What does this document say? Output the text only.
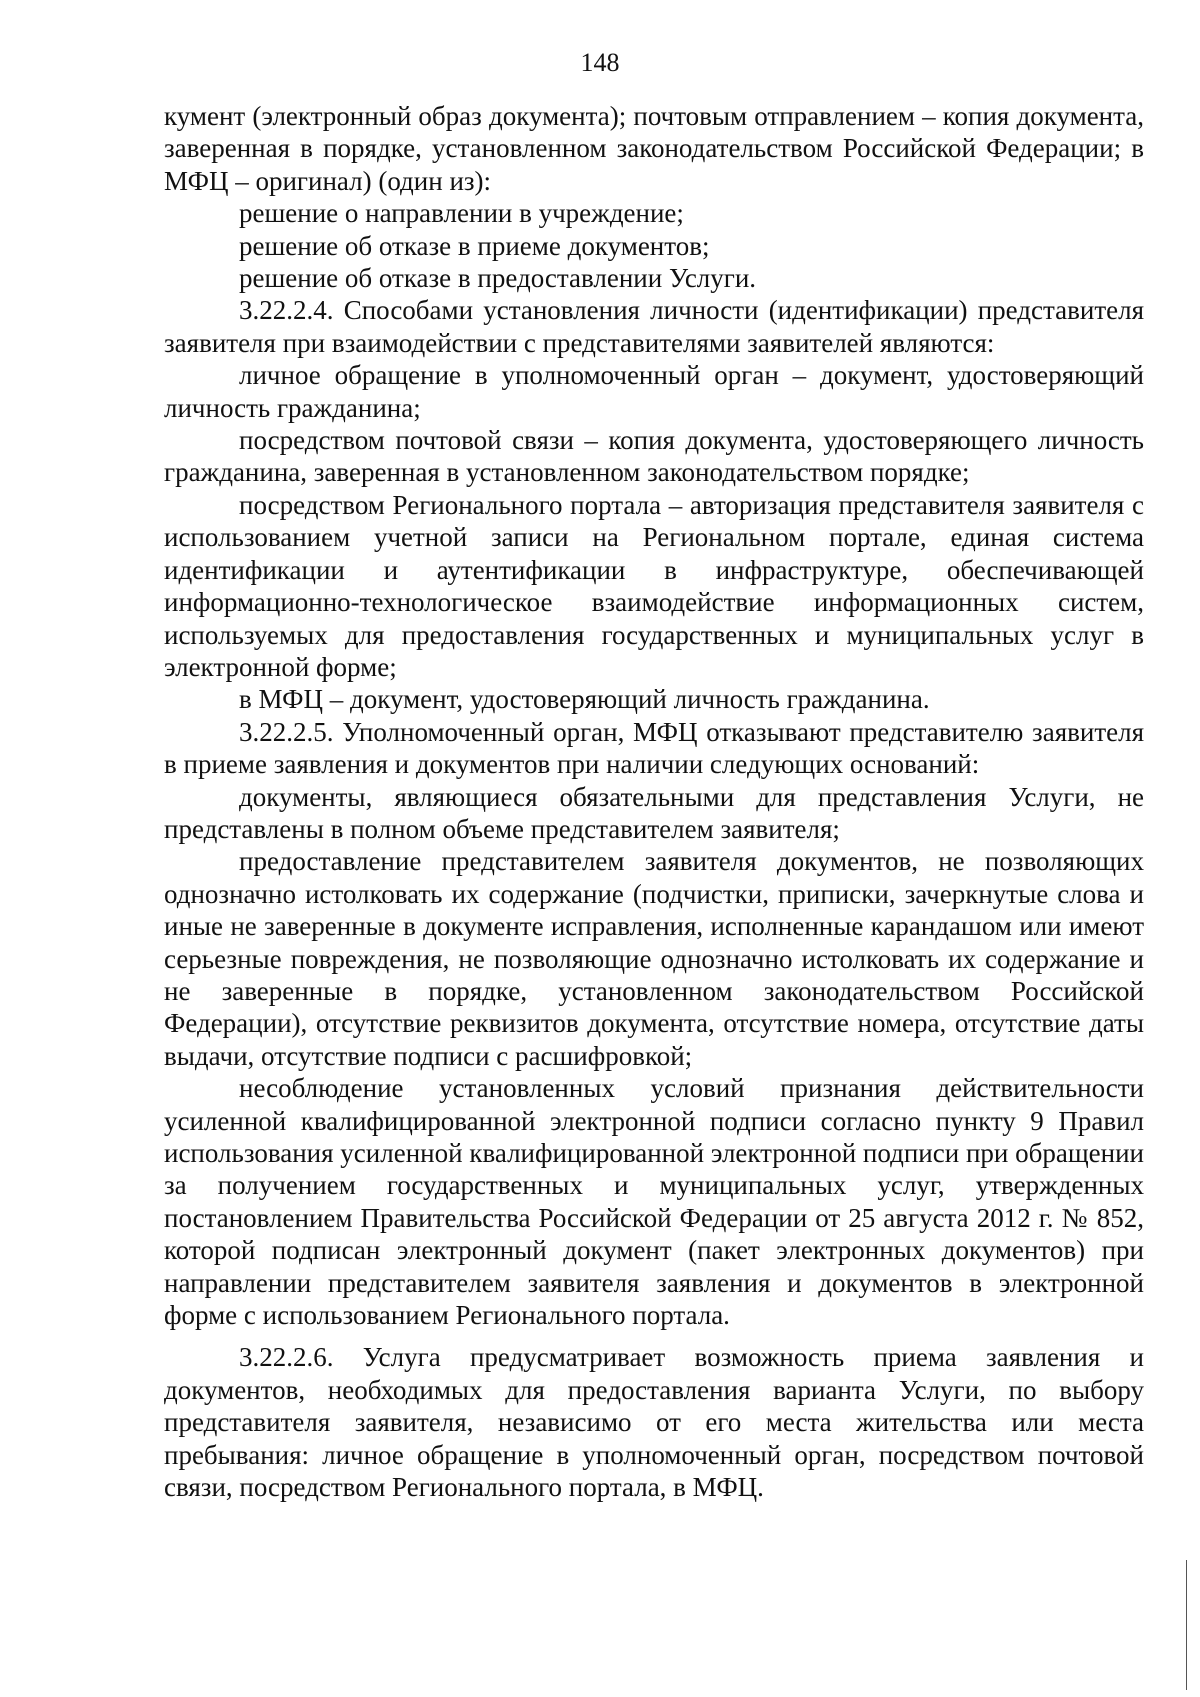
148

кумент (электронный образ документа); почтовым отправлением – копия документа, заверенная в порядке, установленном законодательством Российской Федерации; в МФЦ – оригинал) (один из):

решение о направлении в учреждение;

решение об отказе в приеме документов;

решение об отказе в предоставлении Услуги.

3.22.2.4. Способами установления личности (идентификации) представителя заявителя при взаимодействии с представителями заявителей являются:

личное обращение в уполномоченный орган – документ, удостоверяющий личность гражданина;

посредством почтовой связи – копия документа, удостоверяющего личность гражданина, заверенная в установленном законодательством порядке;

посредством Регионального портала – авторизация представителя заявителя с использованием учетной записи на Региональном портале, единая система идентификации и аутентификации в инфраструктуре, обеспечивающей информационно-технологическое взаимодействие информационных систем, используемых для предоставления государственных и муниципальных услуг в электронной форме;

в МФЦ – документ, удостоверяющий личность гражданина.

3.22.2.5. Уполномоченный орган, МФЦ отказывают представителю заявителя в приеме заявления и документов при наличии следующих оснований:

документы, являющиеся обязательными для представления Услуги, не представлены в полном объеме представителем заявителя;

предоставление представителем заявителя документов, не позволяющих однозначно истолковать их содержание (подчистки, приписки, зачеркнутые слова и иные не заверенные в документе исправления, исполненные карандашом или имеют серьезные повреждения, не позволяющие однозначно истолковать их содержание и не заверенные в порядке, установленном законодательством Российской Федерации), отсутствие реквизитов документа, отсутствие номера, отсутствие даты выдачи, отсутствие подписи с расшифровкой;

несоблюдение установленных условий признания действительности усиленной квалифицированной электронной подписи согласно пункту 9 Правил использования усиленной квалифицированной электронной подписи при обращении за получением государственных и муниципальных услуг, утвержденных постановлением Правительства Российской Федерации от 25 августа 2012 г. № 852, которой подписан электронный документ (пакет электронных документов) при направлении представителем заявителя заявления и документов в электронной форме с использованием Регионального портала.

3.22.2.6. Услуга предусматривает возможность приема заявления и документов, необходимых для предоставления варианта Услуги, по выбору представителя заявителя, независимо от его места жительства или места пребывания: личное обращение в уполномоченный орган, посредством почтовой связи, посредством Регионального портала, в МФЦ.
